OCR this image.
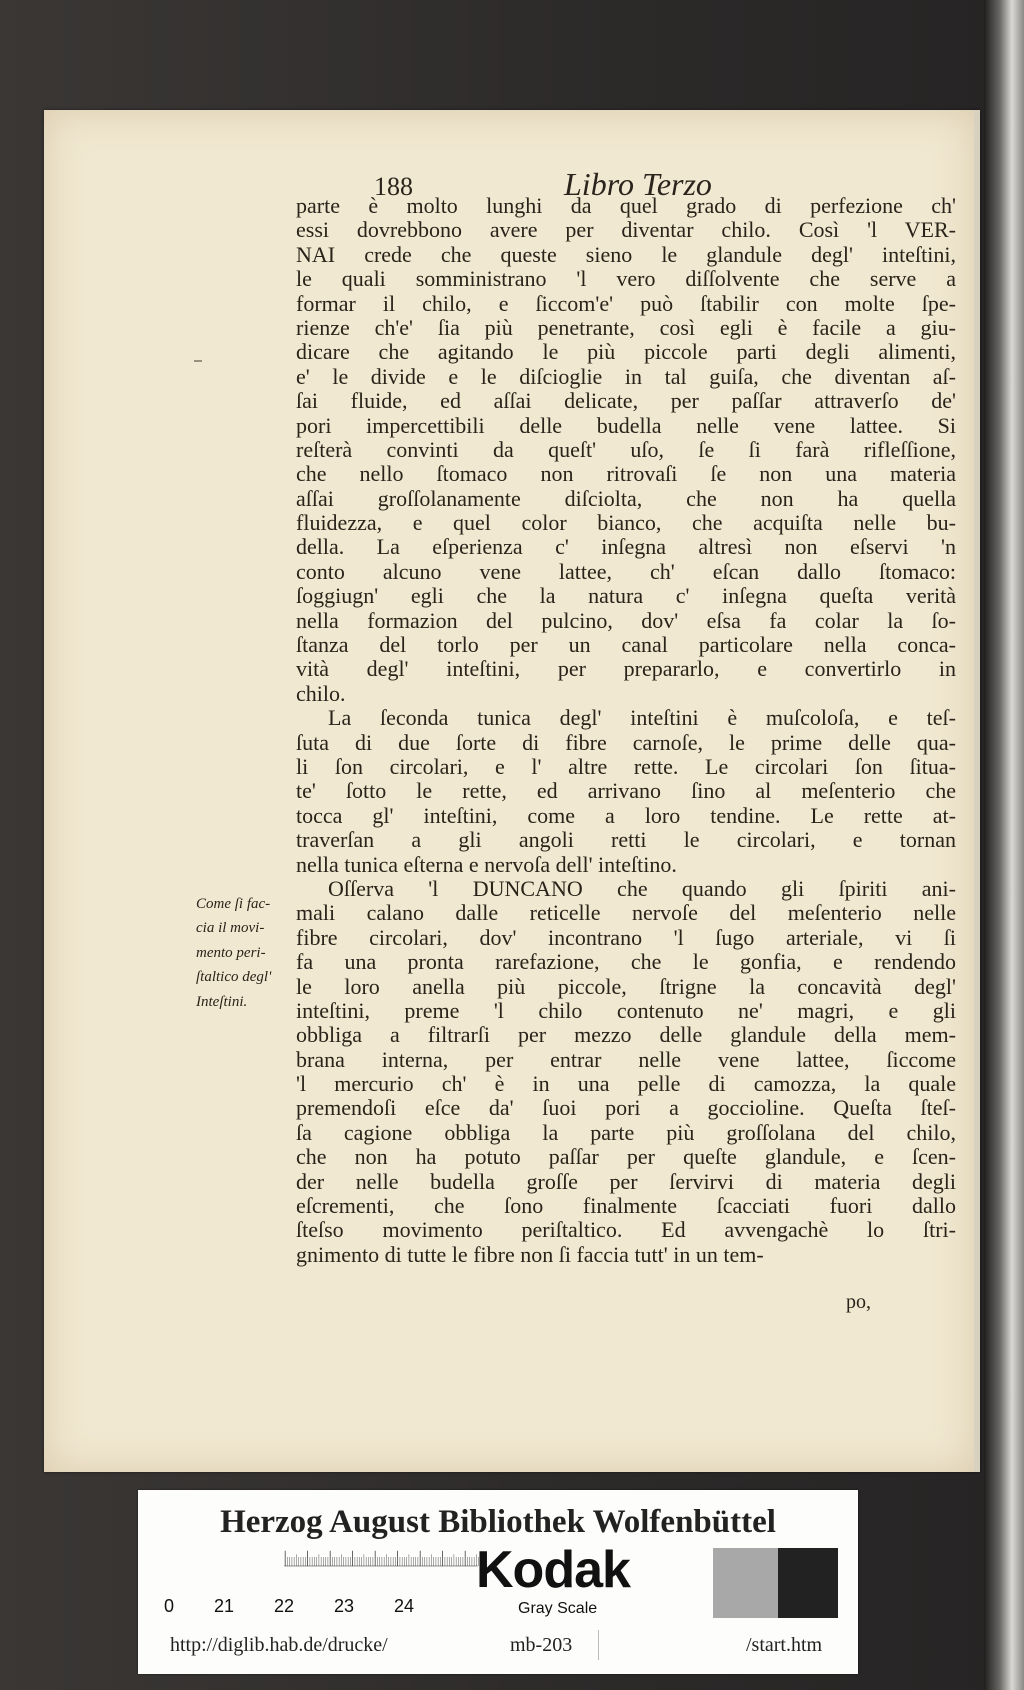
188	Libro Terzo
parte è molto lunghi da quel grado di perfezione ch'
essi dovrebbono avere per diventar chilo. Così 'l VER-
NAI crede che queste sieno le glandule degl' inteſtini,
le quali somministrano 'l vero diſſolvente che serve a
formar il chilo, e ſiccom'e' può ſtabilir con molte ſpe-
rienze ch'e' ſia più penetrante, così egli è facile a giu-
dicare che agitando le più piccole parti degli alimenti,
e' le divide e le diſcioglie in tal guiſa, che diventan aſ-
ſai fluide, ed aſſai delicate, per paſſar attraverſo de'
pori impercettibili delle budella nelle vene lattee. Si
reſterà convinti da queſt' uſo, ſe ſi farà rifleſſione,
che nello ſtomaco non ritrovaſi ſe non una materia
aſſai groſſolanamente diſciolta, che non ha quella
fluidezza, e quel color bianco, che acquiſta nelle bu-
della. La eſperienza c' inſegna altresì non eſservi 'n
conto alcuno vene lattee, ch' eſcan dallo ſtomaco:
ſoggiugn' egli che la natura c' inſegna queſta verità
nella formazion del pulcino, dov' eſsa fa colar la ſo-
ſtanza del torlo per un canal particolare nella conca-
vità degl' inteſtini, per prepararlo, e convertirlo in
chilo.
La ſeconda tunica degl' inteſtini è muſcoloſa, e teſ-
ſuta di due ſorte di fibre carnoſe, le prime delle qua-
li ſon circolari, e l' altre rette. Le circolari ſon ſitua-
te' ſotto le rette, ed arrivano ſino al meſenterio che
tocca gl' inteſtini, come a loro tendine. Le rette at-
traverſan a gli angoli retti le circolari, e tornan
nella tunica eſterna e nervoſa dell' inteſtino.
Oſſerva 'l DUNCANO che quando gli ſpiriti ani-
mali calano dalle reticelle nervoſe del meſenterio nelle
fibre circolari, dov' incontrano 'l ſugo arteriale, vi ſi
fa una pronta rarefazione, che le gonfia, e rendendo
le loro anella più piccole, ſtrigne la concavità degl'
inteſtini, preme 'l chilo contenuto ne' magri, e gli
obbliga a filtrarſi per mezzo delle glandule della mem-
brana interna, per entrar nelle vene lattee, ſiccome
'l mercurio ch' è in una pelle di camozza, la quale
premendoſi eſce da' ſuoi pori a goccioline. Queſta ſteſ-
ſa cagione obbliga la parte più groſſolana del chilo,
che non ha potuto paſſar per queſte glandule, e ſcen-
der nelle budella groſſe per ſervirvi di materia degli
eſcrementi, che ſono finalmente ſcacciati fuori dallo
ſteſso movimento periſtaltico. Ed avvengachè lo ſtri-
gnimento di tutte le fibre non ſi faccia tutt' in un tem-
Come ſi fac-
cia il movi-
mento peri-
ſtaltico degl'
Inteſtini.
po,
Herzog August Bibliothek Wolfenbüttel
0 21 22 23 24
Kodak
Gray Scale
http://diglib.hab.de/drucke/	mb-203	/start.htm
